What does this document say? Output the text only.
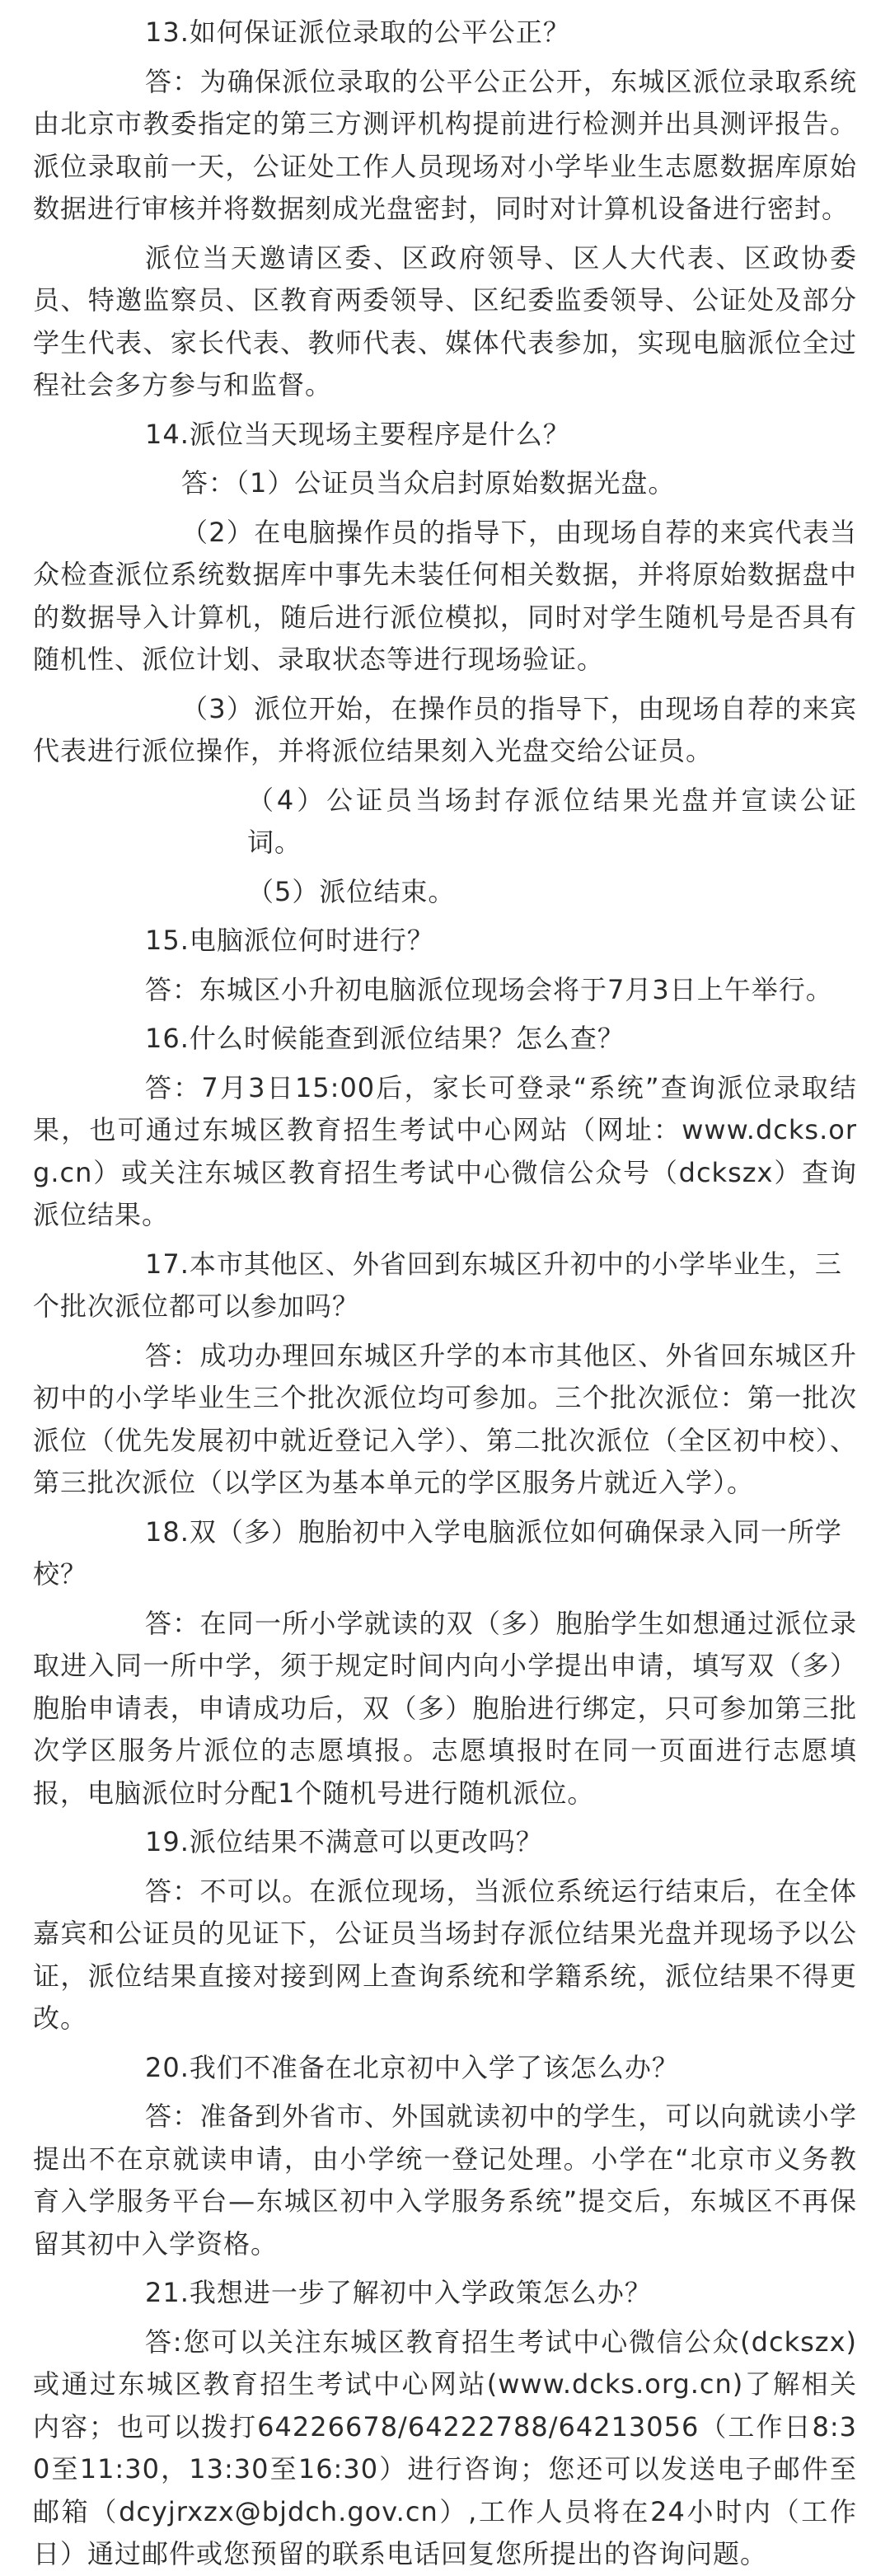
13.如何保证派位录取的公平公正？
答：为确保派位录取的公平公正公开，东城区派位录取系统由北京市教委指定的第三方测评机构提前进行检测并出具测评报告。派位录取前一天，公证处工作人员现场对小学毕业生志愿数据库原始数据进行审核并将数据刻成光盘密封，同时对计算机设备进行密封。
派位当天邀请区委、区政府领导、区人大代表、区政协委员、特邀监察员、区教育两委领导、区纪委监委领导、公证处及部分学生代表、家长代表、教师代表、媒体代表参加，实现电脑派位全过程社会多方参与和监督。
14.派位当天现场主要程序是什么？
答：（1）公证员当众启封原始数据光盘。
（2）在电脑操作员的指导下，由现场自荐的来宾代表当众检查派位系统数据库中事先未装任何相关数据，并将原始数据盘中的数据导入计算机，随后进行派位模拟，同时对学生随机号是否具有随机性、派位计划、录取状态等进行现场验证。
（3）派位开始，在操作员的指导下，由现场自荐的来宾代表进行派位操作，并将派位结果刻入光盘交给公证员。
（4）公证员当场封存派位结果光盘并宣读公证词。
（5）派位结束。
15.电脑派位何时进行？
答：东城区小升初电脑派位现场会将于7月3日上午举行。
16.什么时候能查到派位结果？怎么查？
答：7月3日15:00后，家长可登录“系统”查询派位录取结果，也可通过东城区教育招生考试中心网站（网址：www.dcks.org.cn）或关注东城区教育招生考试中心微信公众号（dckszx）查询派位结果。
17.本市其他区、外省回到东城区升初中的小学毕业生，三个批次派位都可以参加吗？
答：成功办理回东城区升学的本市其他区、外省回东城区升初中的小学毕业生三个批次派位均可参加。三个批次派位：第一批次派位（优先发展初中就近登记入学）、第二批次派位（全区初中校）、第三批次派位（以学区为基本单元的学区服务片就近入学）。
18.双（多）胞胎初中入学电脑派位如何确保录入同一所学校？
答：在同一所小学就读的双（多）胞胎学生如想通过派位录取进入同一所中学，须于规定时间内向小学提出申请，填写双（多）胞胎申请表，申请成功后，双（多）胞胎进行绑定，只可参加第三批次学区服务片派位的志愿填报。志愿填报时在同一页面进行志愿填报，电脑派位时分配1个随机号进行随机派位。
19.派位结果不满意可以更改吗？
答：不可以。在派位现场，当派位系统运行结束后，在全体嘉宾和公证员的见证下，公证员当场封存派位结果光盘并现场予以公证，派位结果直接对接到网上查询系统和学籍系统，派位结果不得更改。
20.我们不准备在北京初中入学了该怎么办？
答：准备到外省市、外国就读初中的学生，可以向就读小学提出不在京就读申请，由小学统一登记处理。小学在“北京市义务教育入学服务平台—东城区初中入学服务系统”提交后，东城区不再保留其初中入学资格。
21.我想进一步了解初中入学政策怎么办？
答:您可以关注东城区教育招生考试中心微信公众(dckszx)或通过东城区教育招生考试中心网站(www.dcks.org.cn)了解相关内容；也可以拨打64226678/64222788/64213056（工作日8:30至11:30，13:30至16:30）进行咨询；您还可以发送电子邮件至邮箱（dcyjrxzx@bjdch.gov.cn）,工作人员将在24小时内（工作日）通过邮件或您预留的联系电话回复您所提出的咨询问题。
